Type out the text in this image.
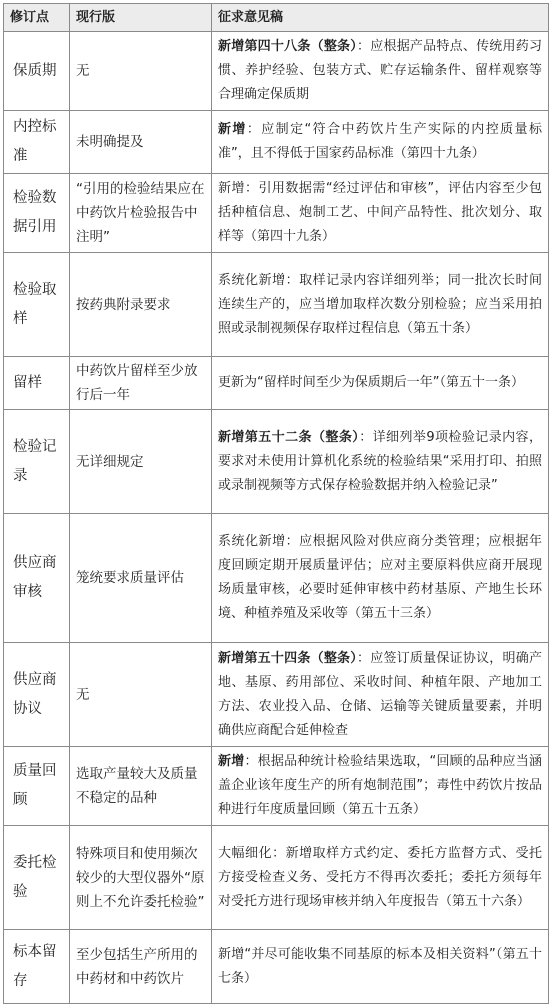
修订点	现行版	征求意见稿
保质期	无	新增第四十八条（整条）：应根据产品特点、传统用药习惯、养护经验、包装方式、贮存运输条件、留样观察等合理确定保质期
内控标准	未明确提及	新增：应制定“符合中药饮片生产实际的内控质量标准”，且不得低于国家药品标准（第四十九条）
检验数据引用	“引用的检验结果应在中药饮片检验报告中注明”	新增：引用数据需“经过评估和审核”，评估内容至少包括种植信息、炮制工艺、中间产品特性、批次划分、取样等（第四十九条）
检验取样	按药典附录要求	系统化新增：取样记录内容详细列举；同一批次长时间连续生产的，应当增加取样次数分别检验；应当采用拍照或录制视频保存取样过程信息（第五十条）
留样	中药饮片留样至少放行后一年	更新为“留样时间至少为保质期后一年”（第五十一条）
检验记录	无详细规定	新增第五十二条（整条）：详细列举9项检验记录内容，要求对未使用计算机化系统的检验结果“采用打印、拍照或录制视频等方式保存检验数据并纳入检验记录”
供应商审核	笼统要求质量评估	系统化新增：应根据风险对供应商分类管理；应根据年度回顾定期开展质量评估；应对主要原料供应商开展现场质量审核，必要时延伸审核中药材基原、产地生长环境、种植养殖及采收等（第五十三条）
供应商协议	无	新增第五十四条（整条）：应签订质量保证协议，明确产地、基原、药用部位、采收时间、种植年限、产地加工方法、农业投入品、仓储、运输等关键质量要素，并明确供应商配合延伸检查
质量回顾	选取产量较大及质量不稳定的品种	新增：根据品种统计检验结果选取，“回顾的品种应当涵盖企业该年度生产的所有炮制范围”；毒性中药饮片按品种进行年度质量回顾（第五十五条）
委托检验	特殊项目和使用频次较少的大型仪器外“原则上不允许委托检验”	大幅细化：新增取样方式约定、委托方监督方式、受托方接受检查义务、受托方不得再次委托；委托方须每年对受托方进行现场审核并纳入年度报告（第五十六条）
标本留存	至少包括生产所用的中药材和中药饮片	新增“并尽可能收集不同基原的标本及相关资料”（第五十七条）
